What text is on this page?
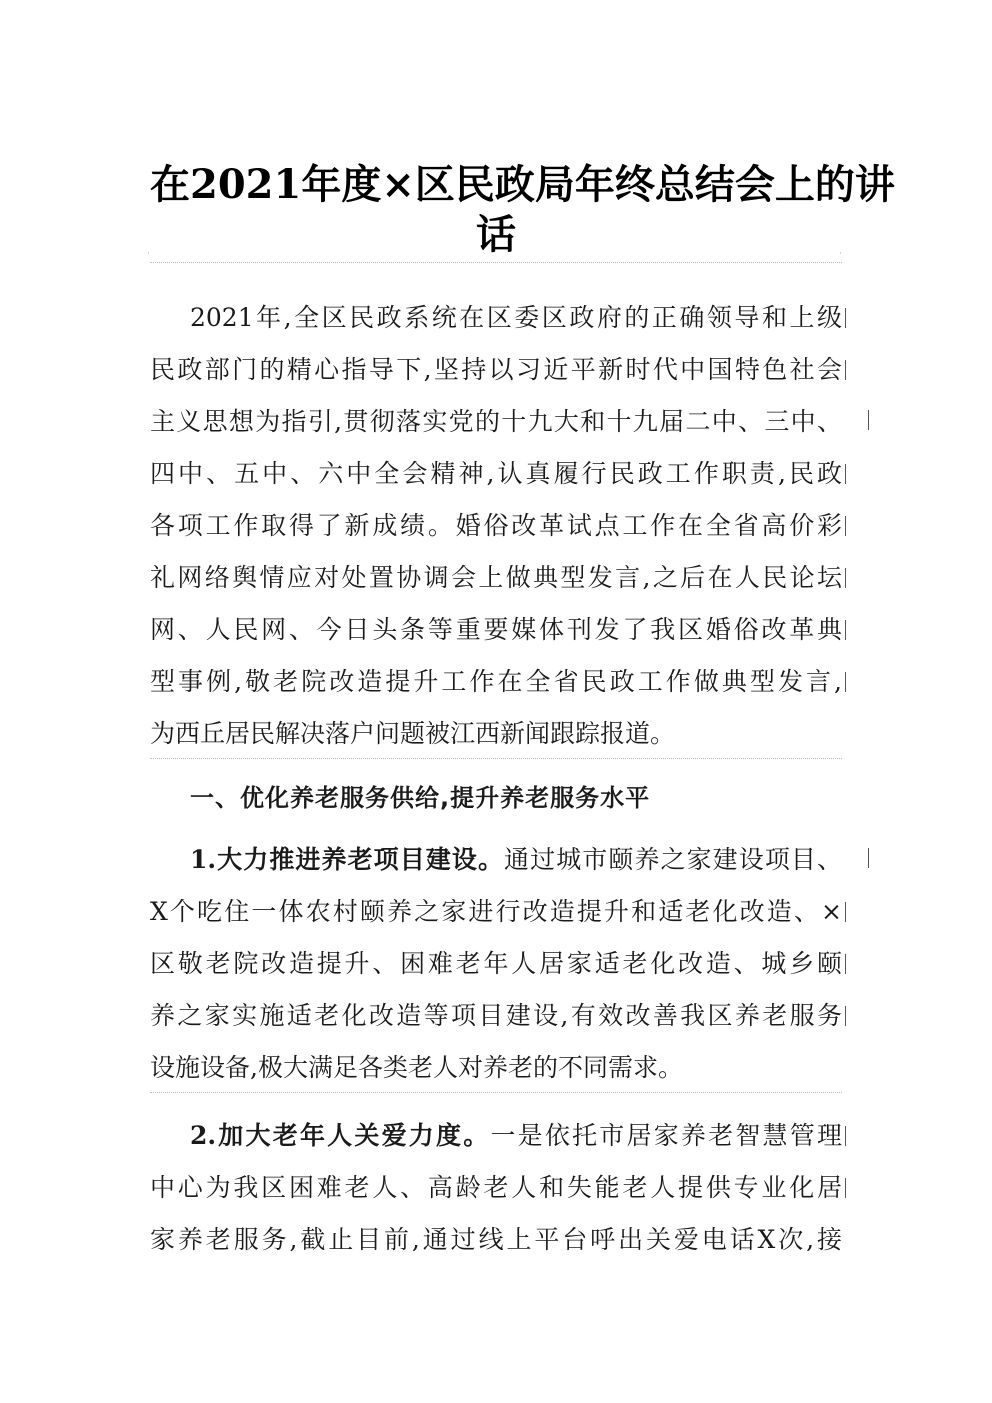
˙	˙
在2021年度×区民政局年终总结会上的讲
话
2021年,全区民政系统在区委区政府的正确领导和上级
民政部门的精心指导下,坚持以习近平新时代中国特色社会
主义思想为指引,贯彻落实党的十九大和十九届二中、三中、
四中、五中、六中全会精神,认真履行民政工作职责,民政
各项工作取得了新成绩。婚俗改革试点工作在全省高价彩
礼网络舆情应对处置协调会上做典型发言,之后在人民论坛
网、人民网、今日头条等重要媒体刊发了我区婚俗改革典
型事例,敬老院改造提升工作在全省民政工作做典型发言,
为西丘居民解决落户问题被江西新闻跟踪报道。
一、优化养老服务供给,提升养老服务水平
1.大力推进养老项目建设。通过城市颐养之家建设项目、
X个吃住一体农村颐养之家进行改造提升和适老化改造、×
区敬老院改造提升、困难老年人居家适老化改造、城乡颐
养之家实施适老化改造等项目建设,有效改善我区养老服务
设施设备,极大满足各类老人对养老的不同需求。
2.加大老年人关爱力度。一是依托市居家养老智慧管理
中心为我区困难老人、高龄老人和失能老人提供专业化居
家养老服务,截止目前,通过线上平台呼出关爱电话X次,接
